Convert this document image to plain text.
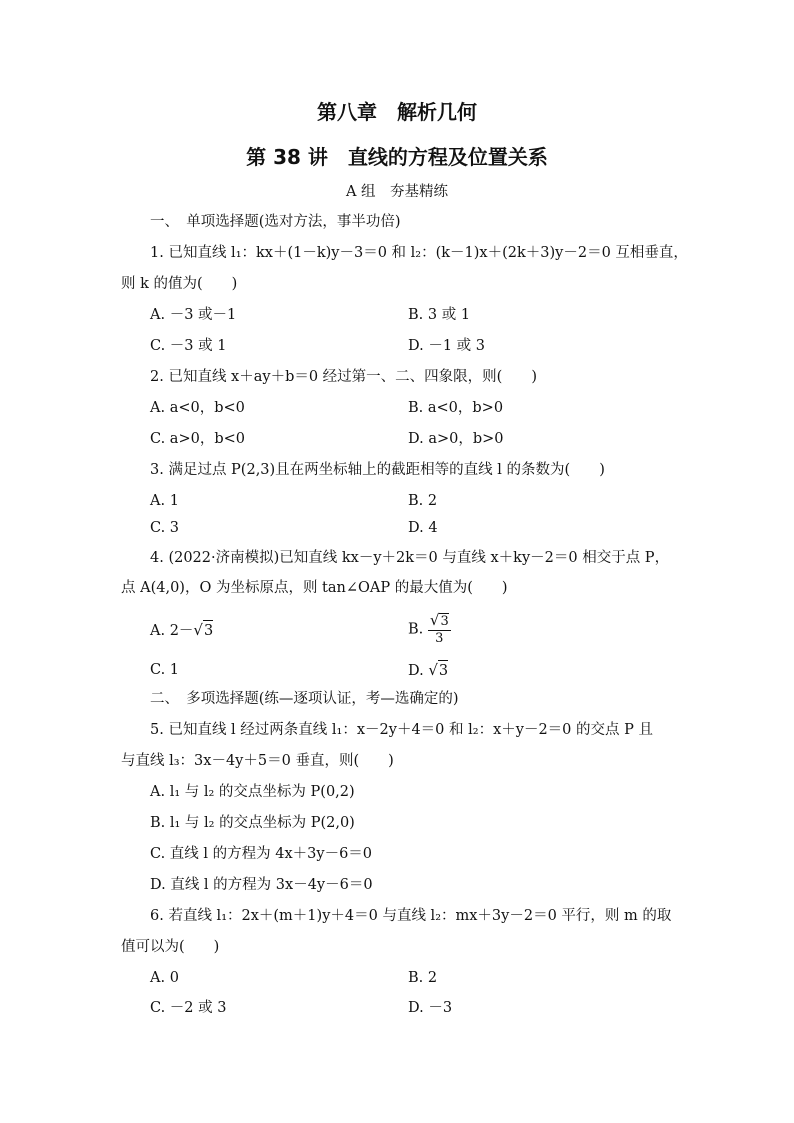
第八章　解析几何
第 38 讲　直线的方程及位置关系
A 组　夯基精练
一、　单项选择题(选对方法，事半功倍)
1. 已知直线 l₁：kx＋(1－k)y－3＝0 和 l₂：(k－1)x＋(2k＋3)y－2＝0 互相垂直，
则 k 的值为(　　)
A. －3 或－1	B. 3 或 1
C. －3 或 1	D. －1 或 3
2. 已知直线 x＋ay＋b＝0 经过第一、二、四象限，则(　　)
A. a<0，b<0	B. a<0，b>0
C. a>0，b<0	D. a>0，b>0
3. 满足过点 P(2,3)且在两坐标轴上的截距相等的直线 l 的条数为(　　)
A. 1	B. 2
C. 3	D. 4
4. (2022·济南模拟)已知直线 kx－y＋2k＝0 与直线 x＋ky－2＝0 相交于点 P，
点 A(4,0)，O 为坐标原点，则 tan∠OAP 的最大值为(　　)
A. 2－√3	B. $\frac{√3}{3}$
C. 1	D. √3
二、　多项选择题(练—逐项认证，考—选确定的)
5. 已知直线 l 经过两条直线 l₁：x－2y＋4＝0 和 l₂：x＋y－2＝0 的交点 P 且
与直线 l₃：3x－4y＋5＝0 垂直，则(　　)
A. l₁ 与 l₂ 的交点坐标为 P(0,2)
B. l₁ 与 l₂ 的交点坐标为 P(2,0)
C. 直线 l 的方程为 4x＋3y－6＝0
D. 直线 l 的方程为 3x－4y－6＝0
6. 若直线 l₁：2x＋(m＋1)y＋4＝0 与直线 l₂：mx＋3y－2＝0 平行，则 m 的取
值可以为(　　)
A. 0	B. 2
C. －2 或 3	D. －3
